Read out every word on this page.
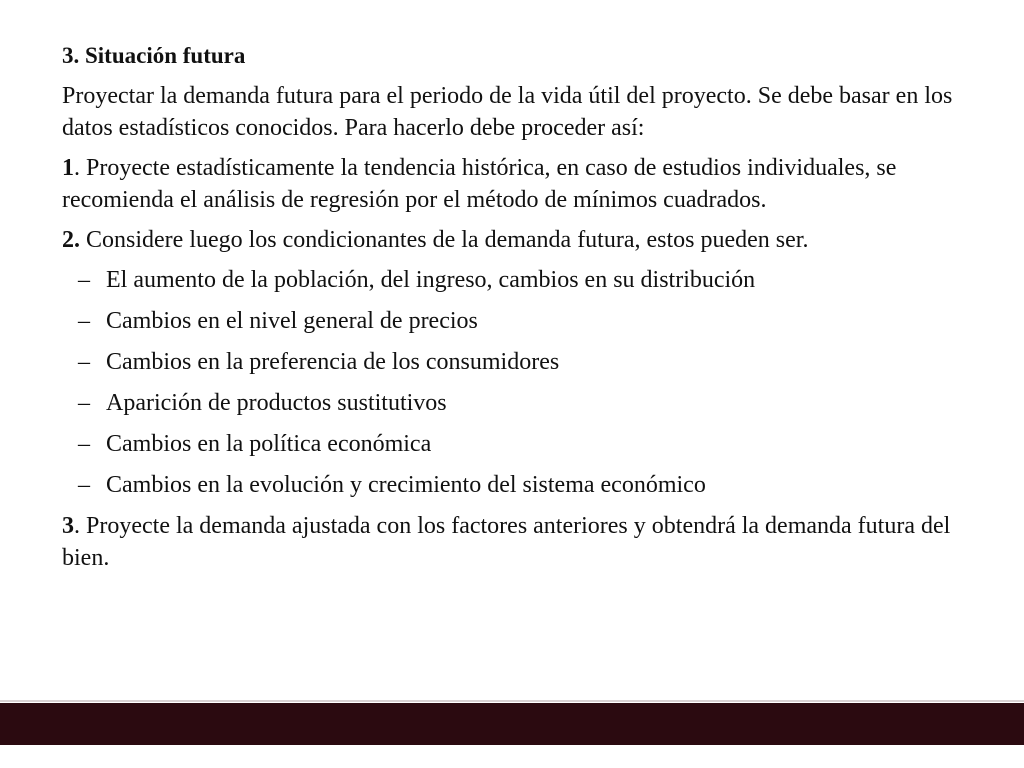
3. Situación futura

Proyectar la demanda futura para el periodo de la vida útil del proyecto. Se debe basar en los datos estadísticos conocidos. Para hacerlo debe proceder así:

1. Proyecte estadísticamente la tendencia histórica, en caso de estudios individuales, se recomienda el análisis de regresión por el método de mínimos cuadrados.

2. Considere luego los condicionantes de la demanda futura, estos pueden ser.

– El aumento de la población, del ingreso, cambios en su distribución
– Cambios en el nivel general de precios
– Cambios en la preferencia de los consumidores
– Aparición de productos sustitutivos
– Cambios en la política económica
– Cambios en la evolución y crecimiento del sistema económico

3. Proyecte la demanda ajustada con los factores anteriores y obtendrá la demanda futura del bien.
